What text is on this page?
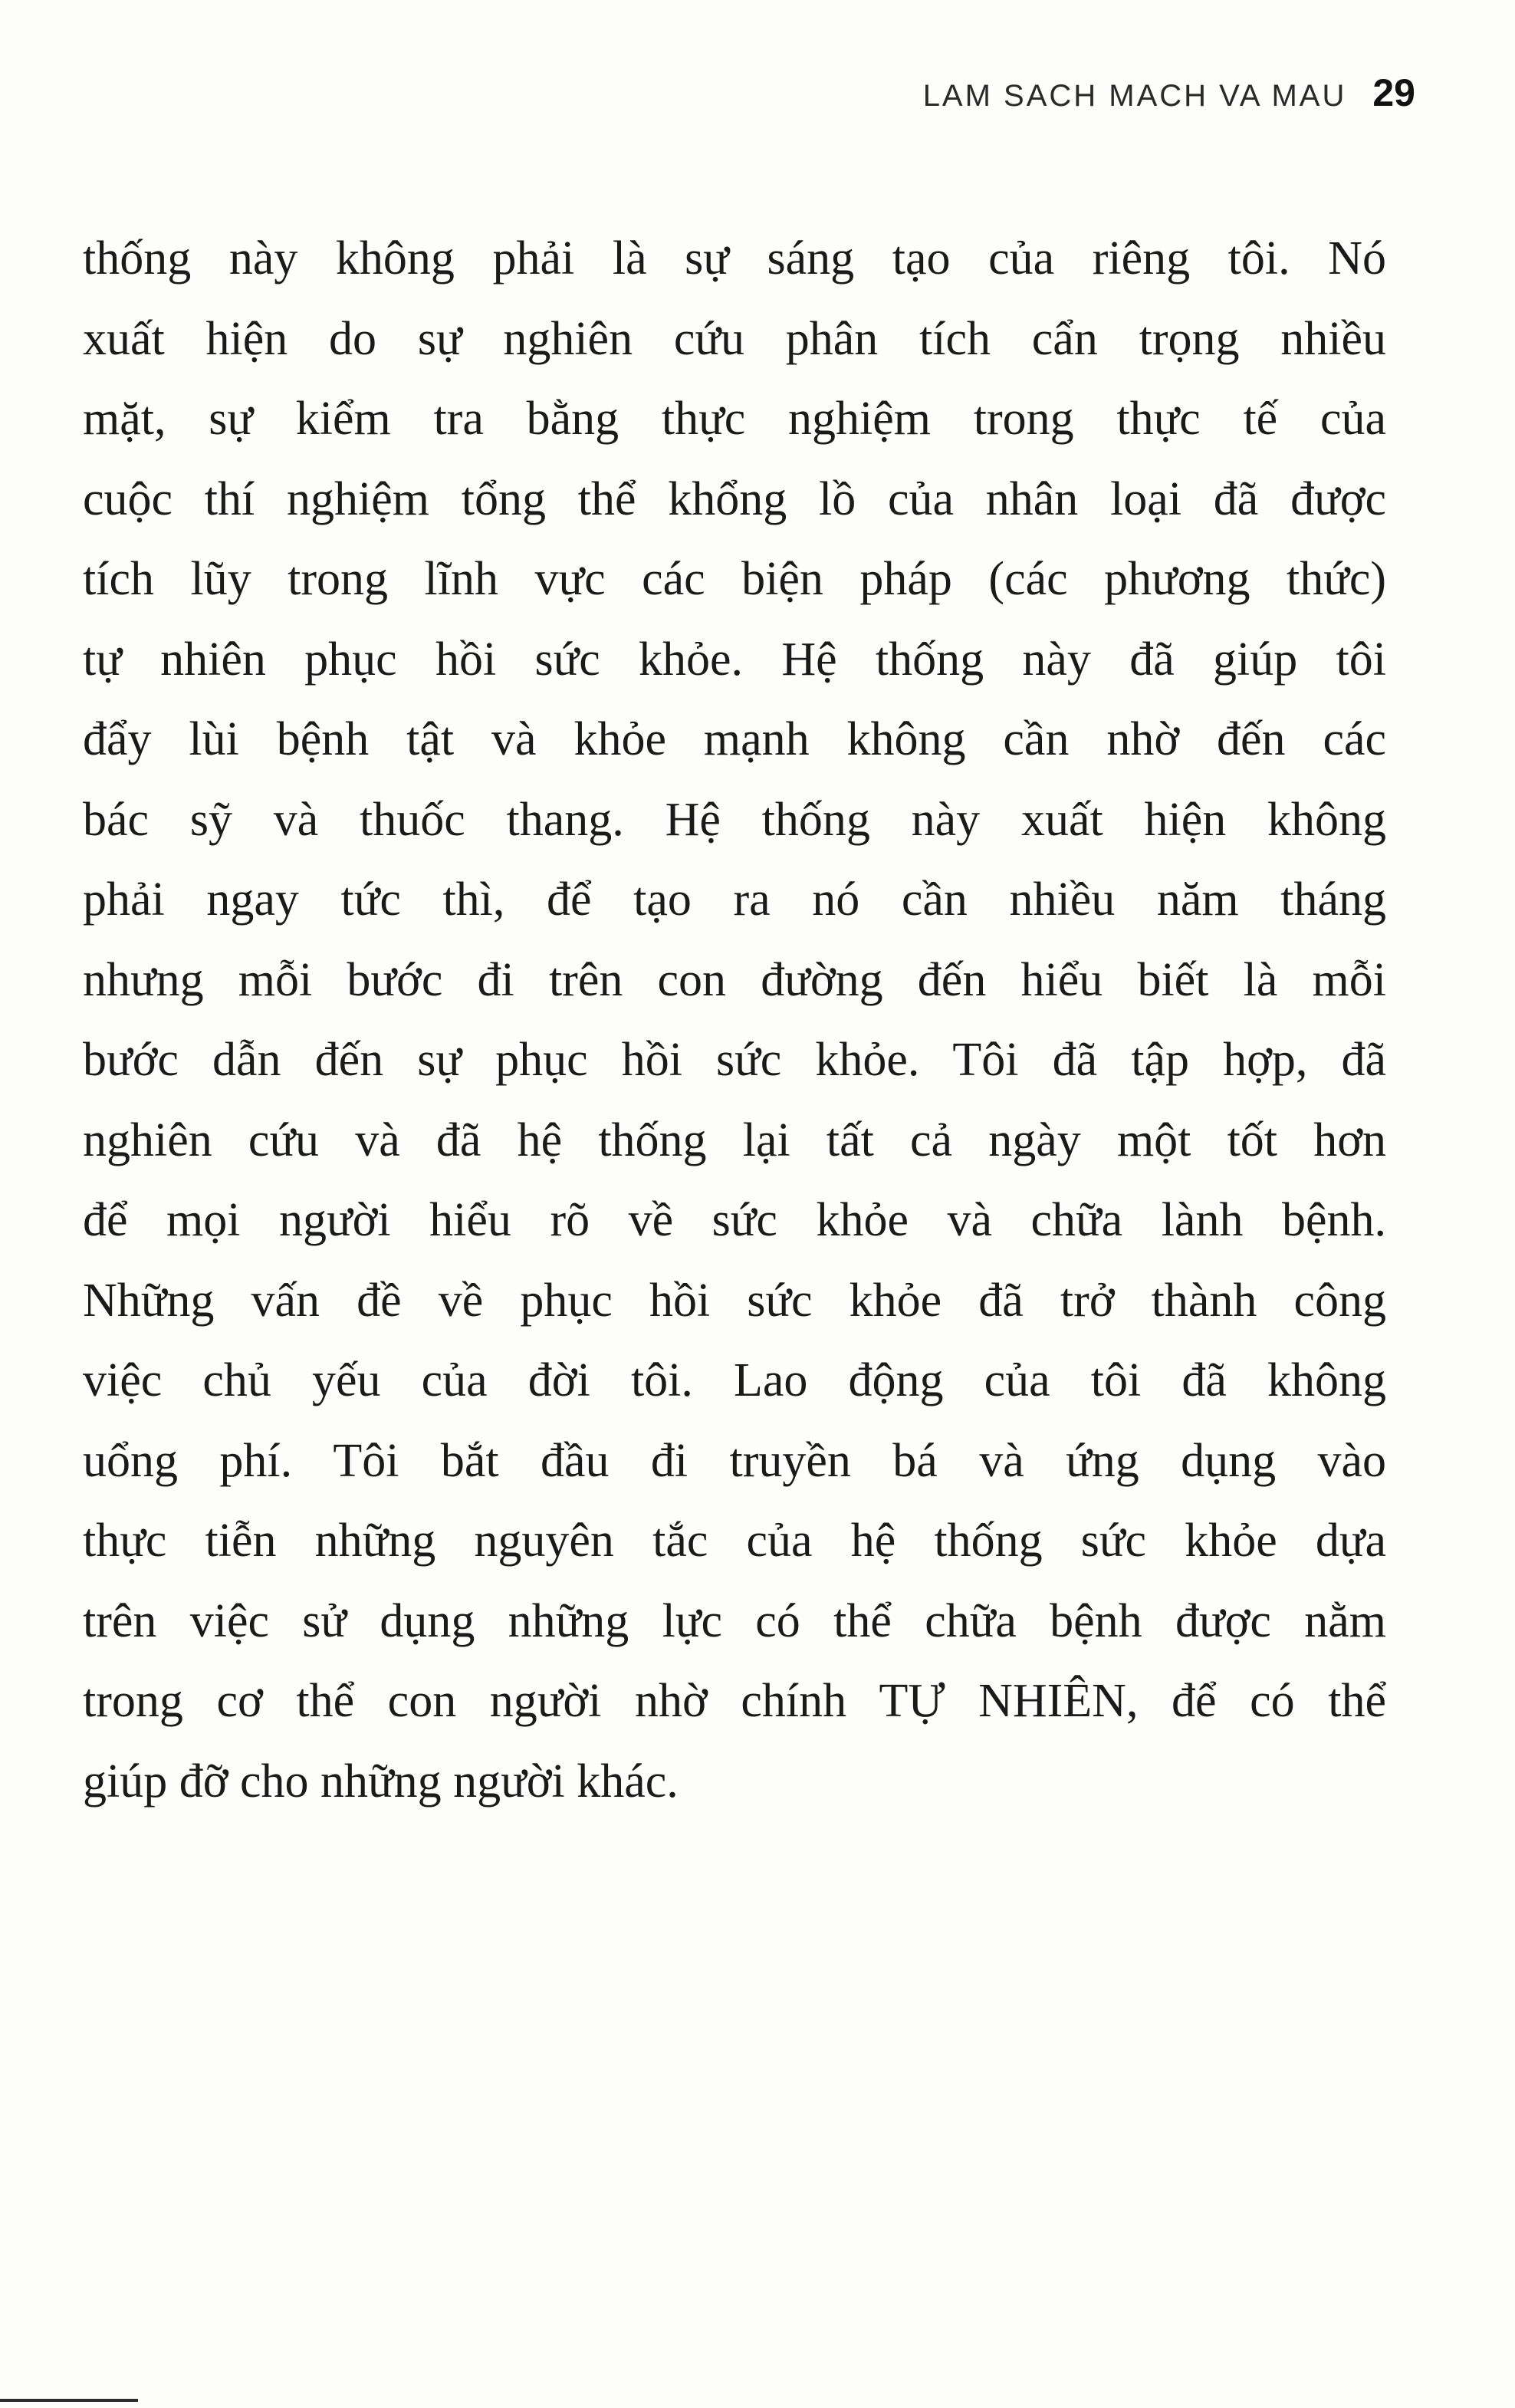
LAM SACH MACH VA MAU 29
thống này không phải là sự sáng tạo của riêng tôi. Nó
xuất hiện do sự nghiên cứu phân tích cẩn trọng nhiều
mặt, sự kiểm tra bằng thực nghiệm trong thực tế của
cuộc thí nghiệm tổng thể khổng lồ của nhân loại đã được
tích lũy trong lĩnh vực các biện pháp (các phương thức)
tự nhiên phục hồi sức khỏe. Hệ thống này đã giúp tôi
đẩy lùi bệnh tật và khỏe mạnh không cần nhờ đến các
bác sỹ và thuốc thang. Hệ thống này xuất hiện không
phải ngay tức thì, để tạo ra nó cần nhiều năm tháng
nhưng mỗi bước đi trên con đường đến hiểu biết là mỗi
bước dẫn đến sự phục hồi sức khỏe. Tôi đã tập hợp, đã
nghiên cứu và đã hệ thống lại tất cả ngày một tốt hơn
để mọi người hiểu rõ về sức khỏe và chữa lành bệnh.
Những vấn đề về phục hồi sức khỏe đã trở thành công
việc chủ yếu của đời tôi. Lao động của tôi đã không
uổng phí. Tôi bắt đầu đi truyền bá và ứng dụng vào
thực tiễn những nguyên tắc của hệ thống sức khỏe dựa
trên việc sử dụng những lực có thể chữa bệnh được nằm
trong cơ thể con người nhờ chính TỰ NHIÊN, để có thể
giúp đỡ cho những người khác.
